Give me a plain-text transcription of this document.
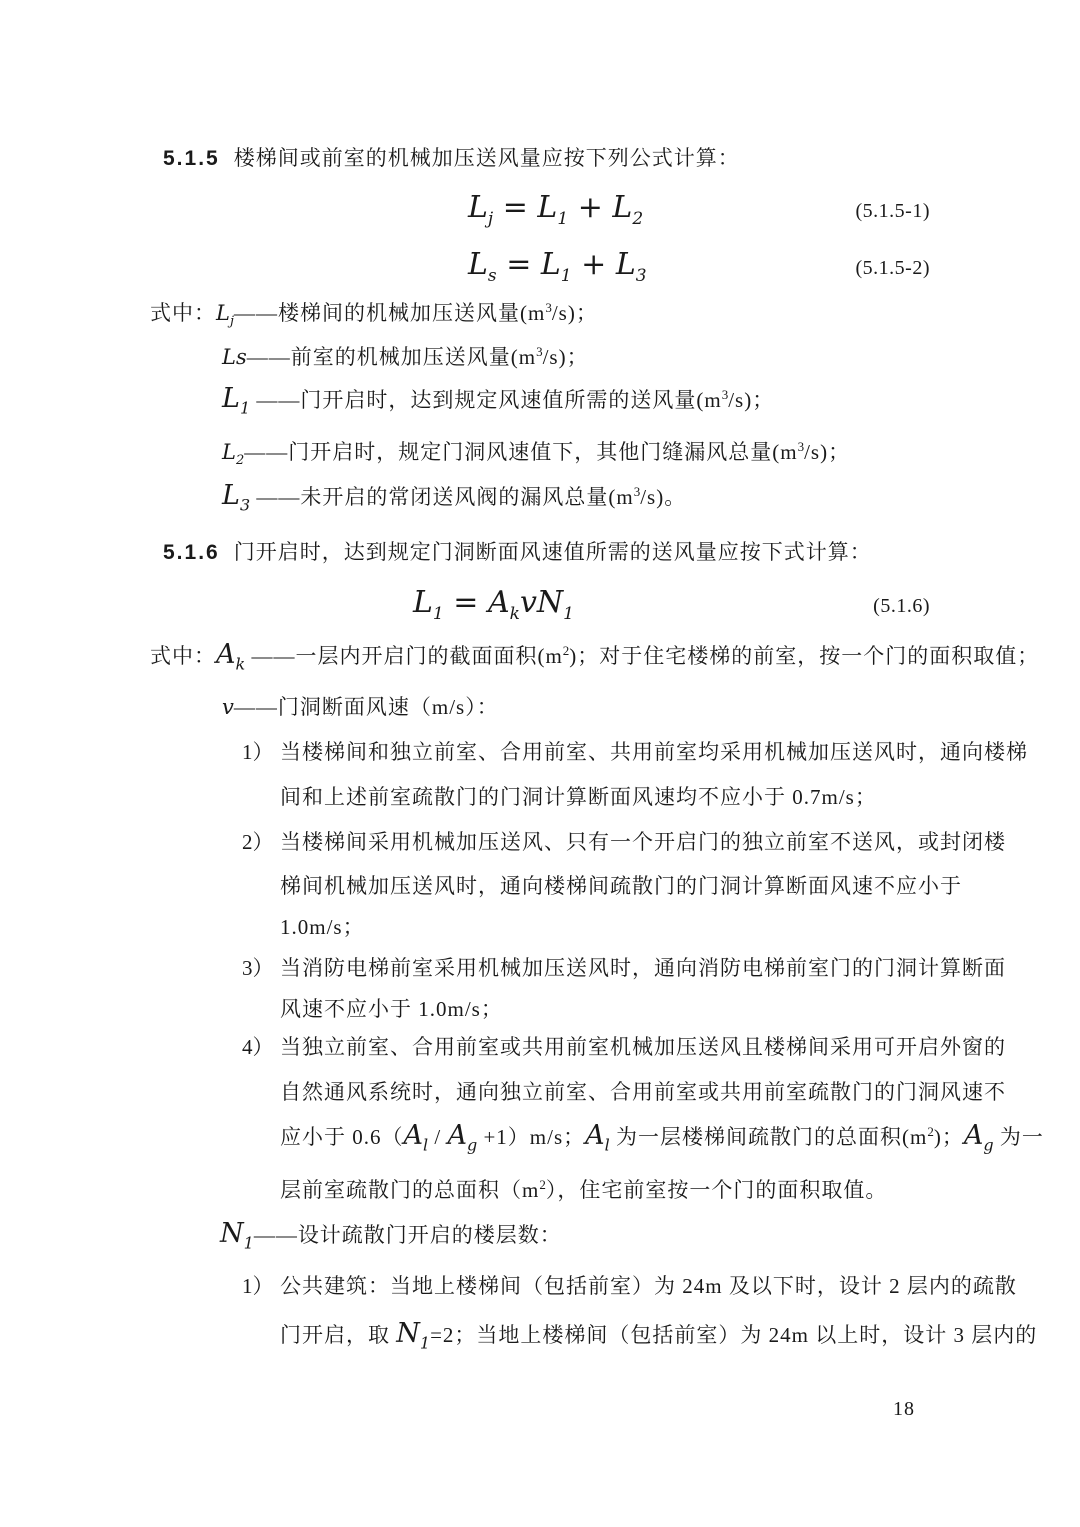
5.1.5 楼梯间或前室的机械加压送风量应按下列公式计算：
$L_j = L_1 + L_2$	(5.1.5-1)
$L_s = L_1 + L_3$	(5.1.5-2)
式中：$L_j——$楼梯间的机械加压送风量$(m^3/s)$；
Ls——前室的机械加压送风量$(m^3/s)$；
$L_1$ ——门开启时，达到规定风速值所需的送风量$(m^3/s)$；
$L_2——$门开启时，规定门洞风速值下，其他门缝漏风总量$(m^3/s)$；
$L_3$ ——未开启的常闭送风阀的漏风总量$(m^3/s)$。
5.1.6 门开启时，达到规定门洞断面风速值所需的送风量应按下式计算：
$L_1 = A_kvN_1$	(5.1.6)
式中：$A_k$ ——一层内开启门的截面面积$(m^2)$；对于住宅楼梯的前室，按一个门的面积取值；
v——门洞断面风速（m/s）：
1） 当楼梯间和独立前室、合用前室、共用前室均采用机械加压送风时，通向楼梯
间和上述前室疏散门的门洞计算断面风速均不应小于 0.7m/s；
2） 当楼梯间采用机械加压送风、只有一个开启门的独立前室不送风，或封闭楼
梯间机械加压送风时，通向楼梯间疏散门的门洞计算断面风速不应小于
1.0m/s；
3） 当消防电梯前室采用机械加压送风时，通向消防电梯前室门的门洞计算断面
风速不应小于 1.0m/s；
4） 当独立前室、合用前室或共用前室机械加压送风且楼梯间采用可开启外窗的
自然通风系统时，通向独立前室、合用前室或共用前室疏散门的门洞风速不
应小于 $0.6(A_l / A_g +1)m/s$；$A_l$ 为一层楼梯间疏散门的总面积$(m^2)$；$A_g$ 为一
层前室疏散门的总面积$(m^2)$，住宅前室按一个门的面积取值。
$N_1——$设计疏散门开启的楼层数：
1） 公共建筑：当地上楼梯间（包括前室）为 24m 及以下时，设计 2 层内的疏散
门开启，取 $N_1=2$；当地上楼梯间（包括前室）为 24m 以上时，设计 3 层内的
18
